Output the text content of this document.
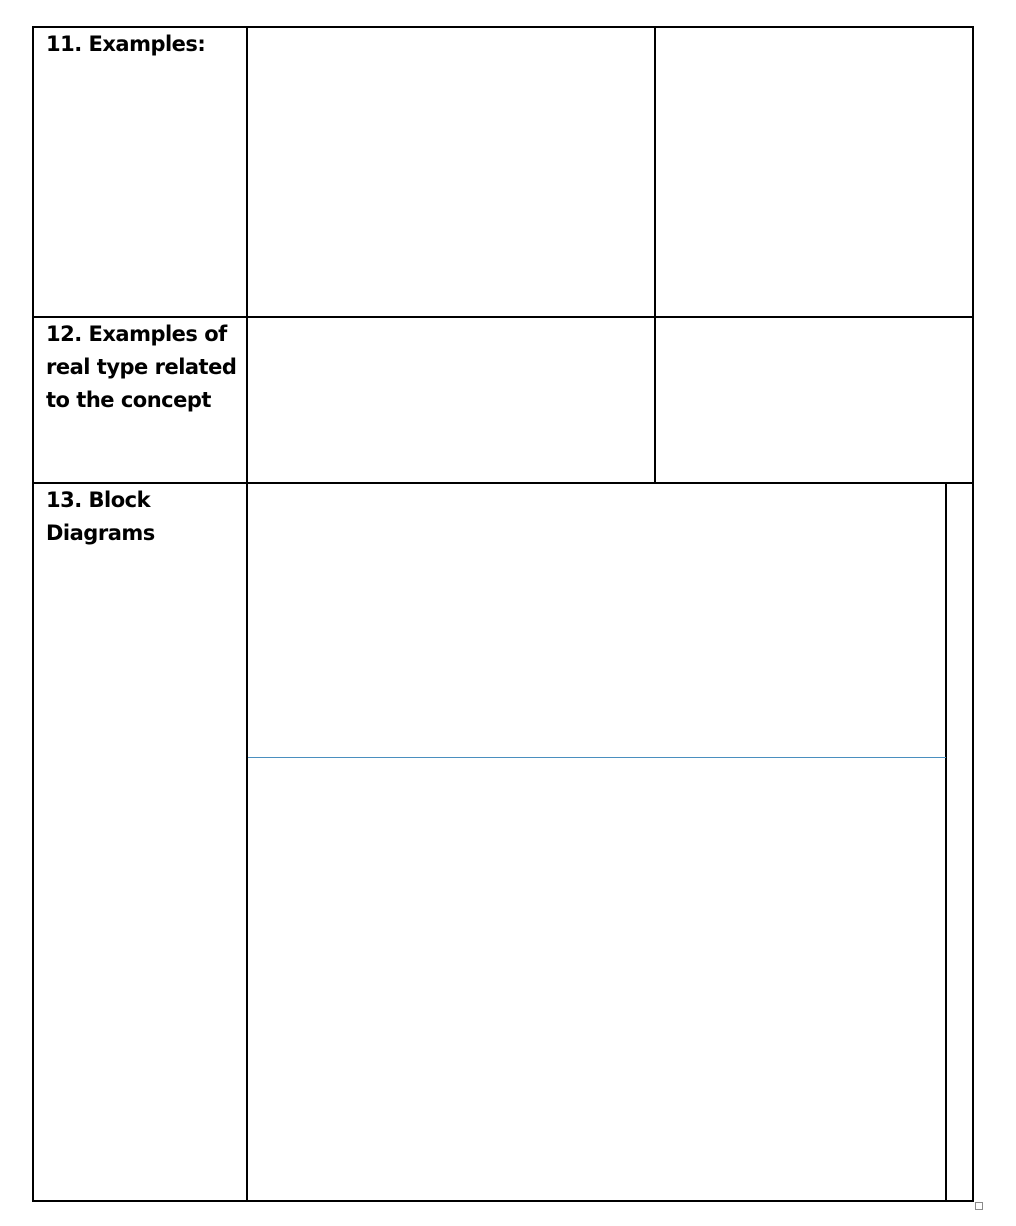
11. Examples:
12. Examples of real type related to the concept
13. Block Diagrams
